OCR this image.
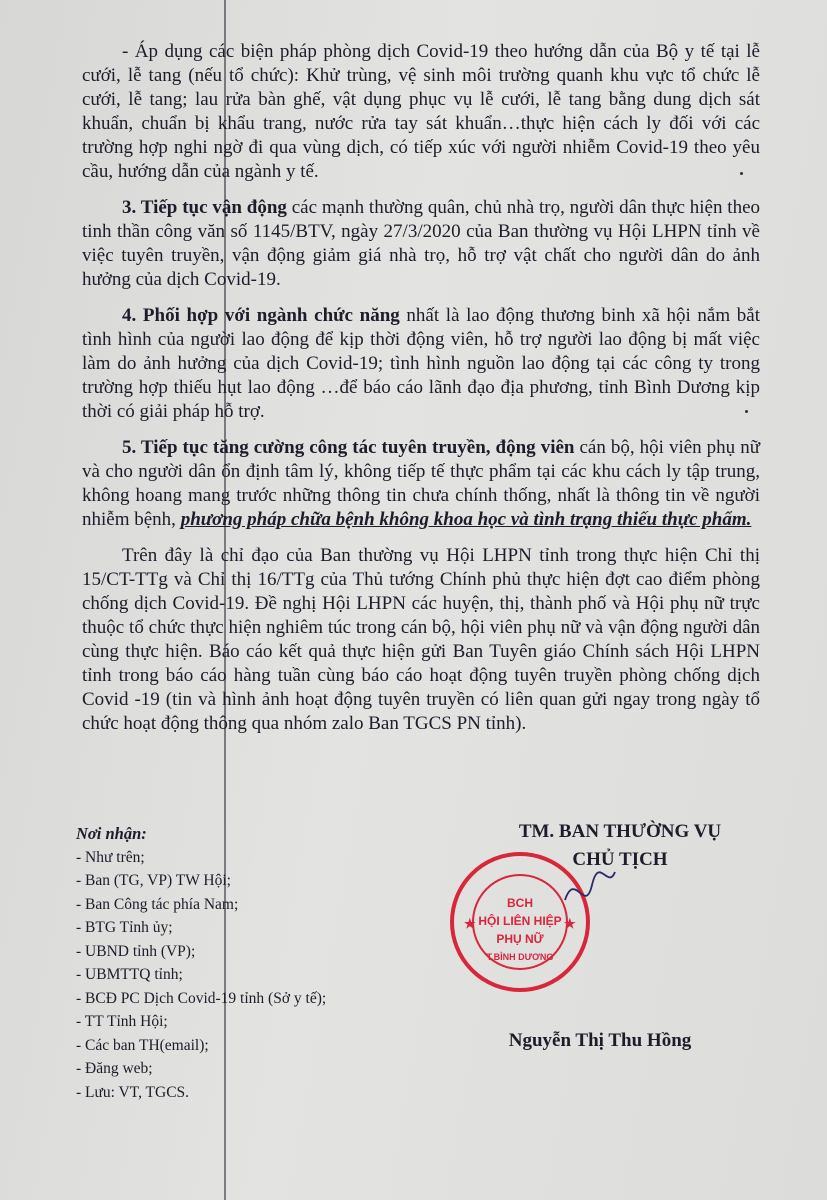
- Áp dụng các biện pháp phòng dịch Covid-19 theo hướng dẫn của Bộ y tế tại lễ cưới, lễ tang (nếu tổ chức): Khử trùng, vệ sinh môi trường quanh khu vực tổ chức lễ cưới, lễ tang; lau rửa bàn ghế, vật dụng phục vụ lễ cưới, lễ tang bằng dung dịch sát khuẩn, chuẩn bị khẩu trang, nước rửa tay sát khuẩn…thực hiện cách ly đối với các trường hợp nghi ngờ đi qua vùng dịch, có tiếp xúc với người nhiễm Covid-19 theo yêu cầu, hướng dẫn của ngành y tế.

3. Tiếp tục vận động các mạnh thường quân, chủ nhà trọ, người dân thực hiện theo tinh thần công văn số 1145/BTV, ngày 27/3/2020 của Ban thường vụ Hội LHPN tỉnh về việc tuyên truyền, vận động giảm giá nhà trọ, hỗ trợ vật chất cho người dân do ảnh hưởng của dịch Covid-19.

4. Phối hợp với ngành chức năng nhất là lao động thương binh xã hội nắm bắt tình hình của người lao động để kịp thời động viên, hỗ trợ người lao động bị mất việc làm do ảnh hưởng của dịch Covid-19; tình hình nguồn lao động tại các công ty trong trường hợp thiếu hụt lao động …để báo cáo lãnh đạo địa phương, tỉnh Bình Dương kịp thời có giải pháp hỗ trợ.

5. Tiếp tục tăng cường công tác tuyên truyền, động viên cán bộ, hội viên phụ nữ và cho người dân ổn định tâm lý, không tiếp tế thực phẩm tại các khu cách ly tập trung, không hoang mang trước những thông tin chưa chính thống, nhất là thông tin về người nhiễm bệnh, phương pháp chữa bệnh không khoa học và tình trạng thiếu thực phẩm.

Trên đây là chỉ đạo của Ban thường vụ Hội LHPN tỉnh trong thực hiện Chỉ thị 15/CT-TTg và Chỉ thị 16/TTg của Thủ tướng Chính phủ thực hiện đợt cao điểm phòng chống dịch Covid-19. Đề nghị Hội LHPN các huyện, thị, thành phố và Hội phụ nữ trực thuộc tổ chức thực hiện nghiêm túc trong cán bộ, hội viên phụ nữ và vận động người dân cùng thực hiện. Báo cáo kết quả thực hiện gửi Ban Tuyên giáo Chính sách Hội LHPN tỉnh trong báo cáo hàng tuần cùng báo cáo hoạt động tuyên truyền phòng chống dịch Covid -19 (tin và hình ảnh hoạt động tuyên truyền có liên quan gửi ngay trong ngày tổ chức hoạt động thông qua nhóm zalo Ban TGCS PN tỉnh).

Nơi nhận:
- Như trên;
- Ban (TG, VP) TW Hội;
- Ban Công tác phía Nam;
- BTG Tỉnh ủy;
- UBND tỉnh (VP);
- UBMTTQ tỉnh;
- BCĐ PC Dịch Covid-19 tỉnh (Sở y tế);
- TT Tỉnh Hội;
- Các ban TH(email);
- Đăng web;
- Lưu: VT, TGCS.
TM. BAN THƯỜNG VỤ
CHỦ TỊCH
BCH
HỘI LIÊN HIỆP
PHỤ NỮ
T.BÌNH DƯƠNG
★	★
Nguyễn Thị Thu Hồng
